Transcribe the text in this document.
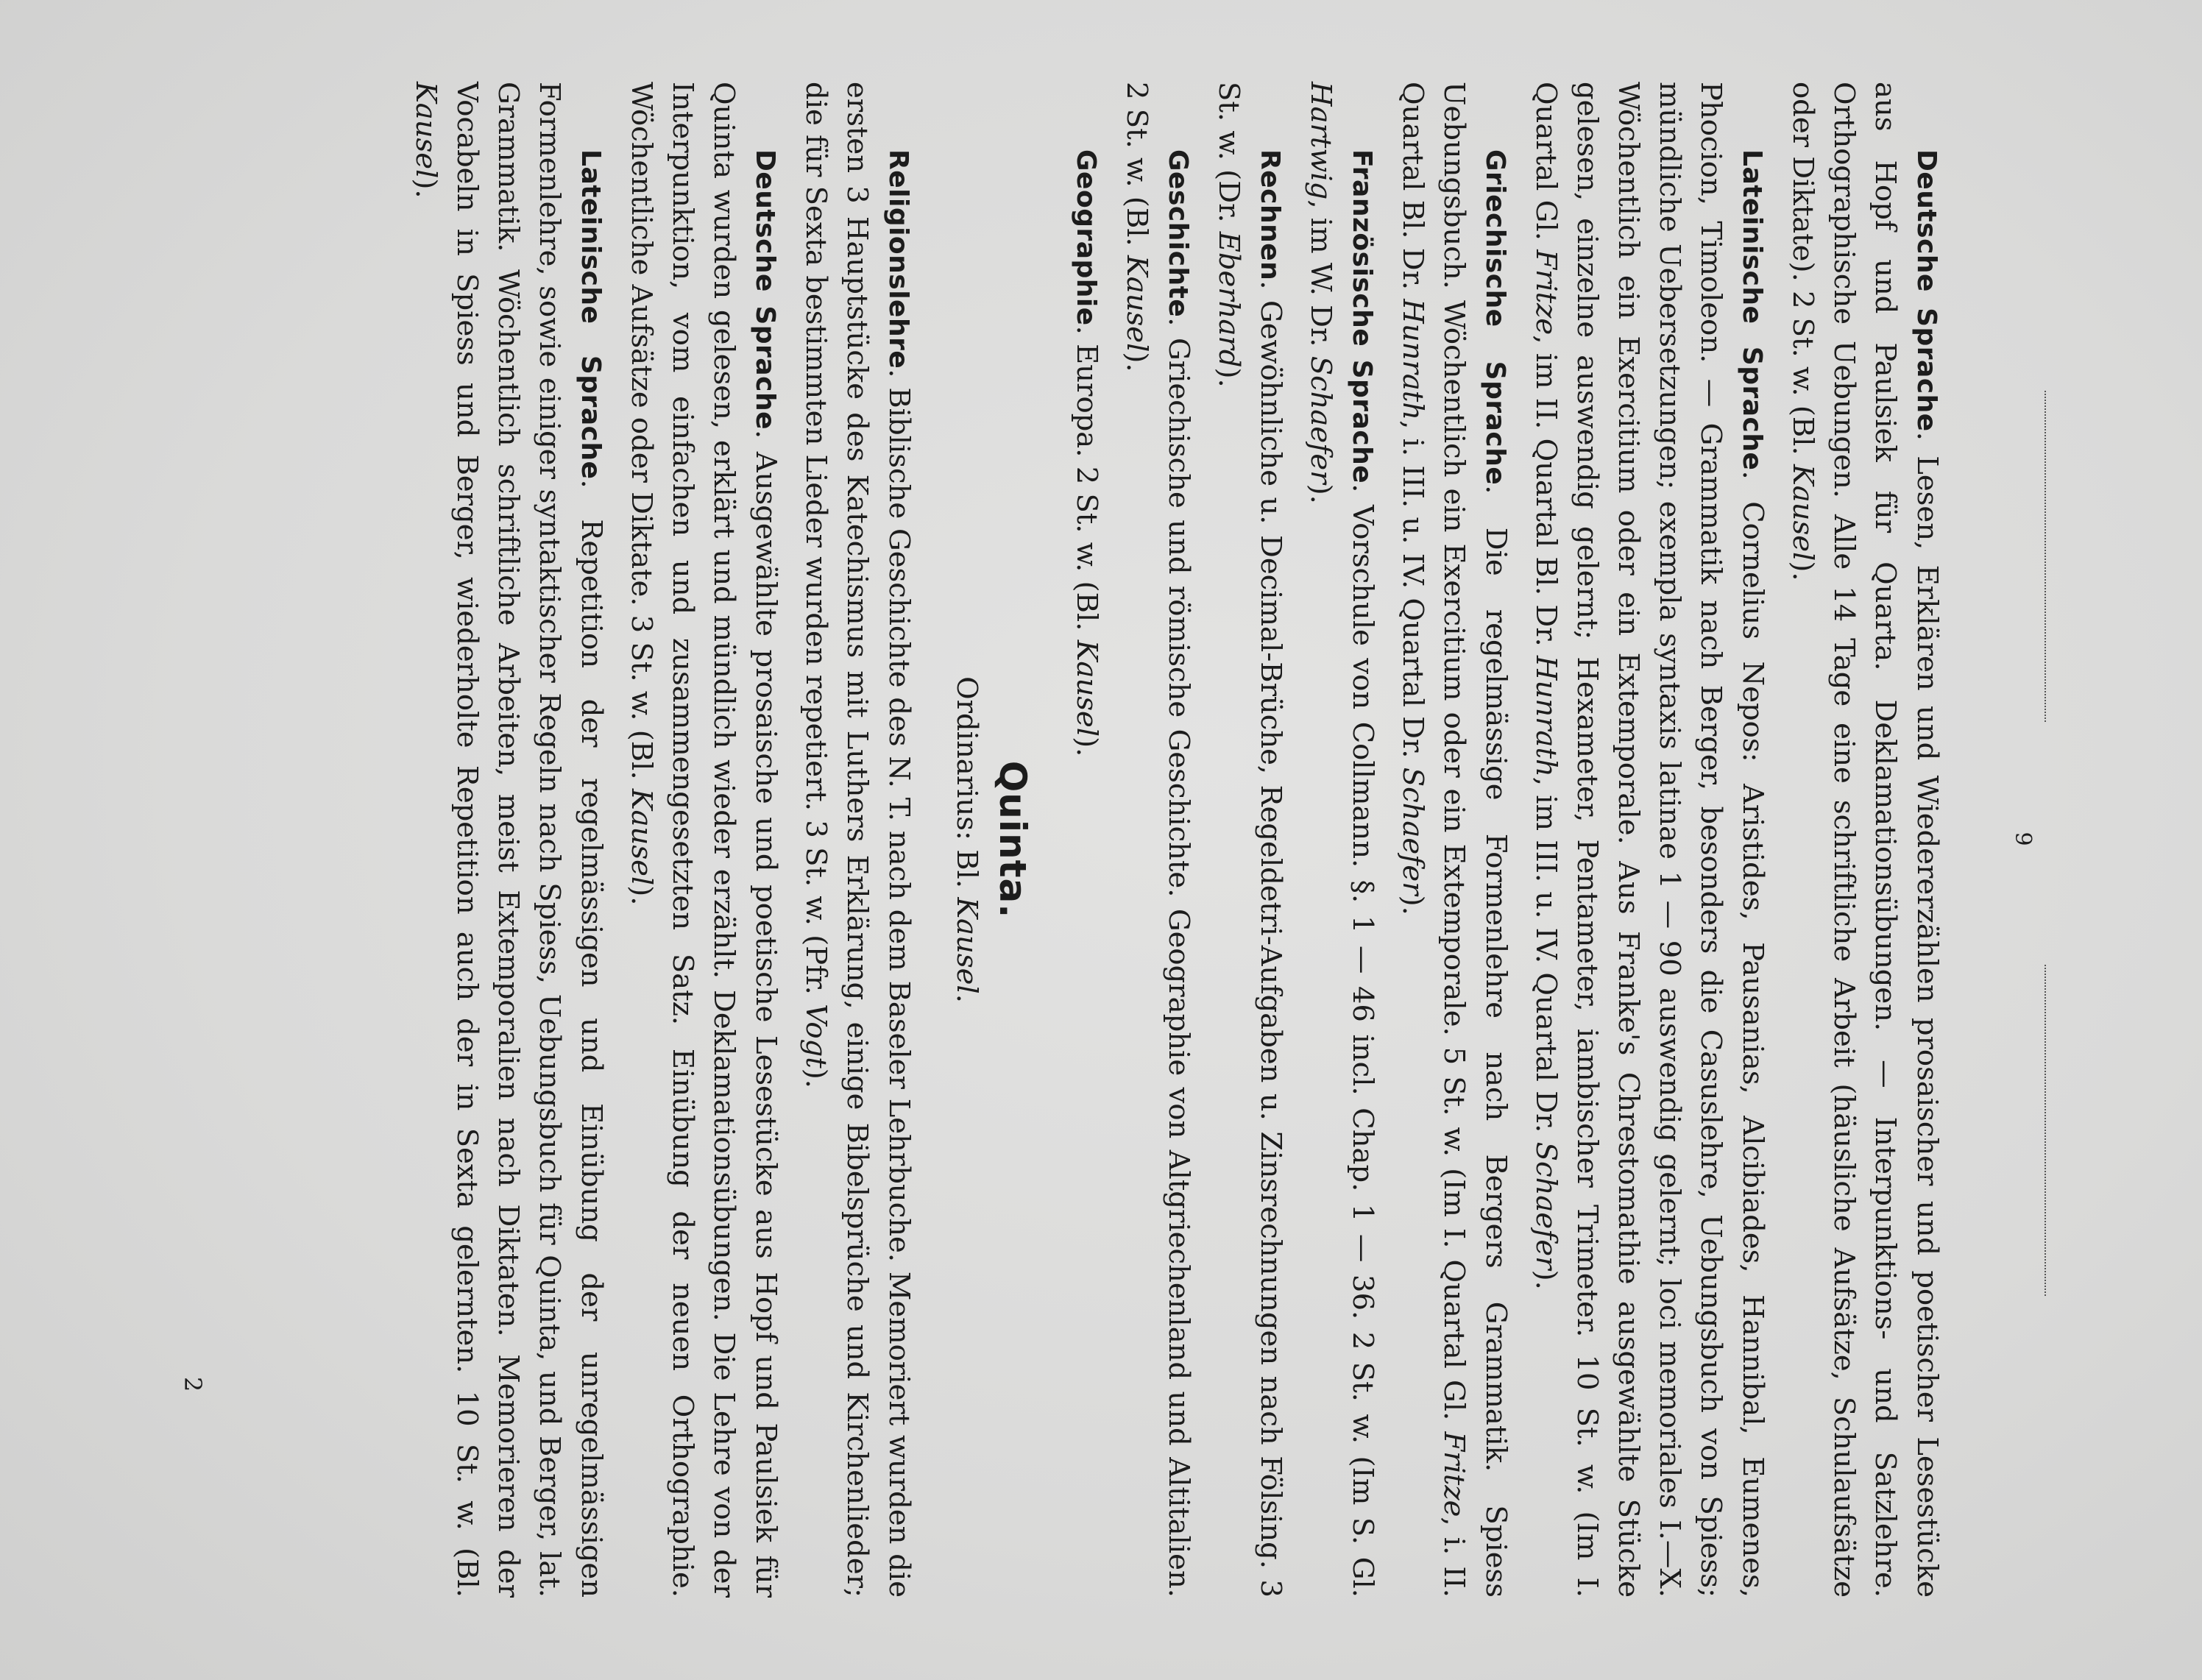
9

Deutsche Sprache. Lesen, Erklären und Wiedererzählen prosaischer und poetischer Lesestücke aus Hopf und Paulsiek für Quarta. Deklamationsübungen. — Interpunktions- und Satzlehre. Orthographische Uebungen. Alle 14 Tage eine schriftliche Arbeit (häusliche Aufsätze, Schulaufsätze oder Diktate). 2 St. w. (Bl. Kausel).

Lateinische Sprache. Cornelius Nepos: Aristides, Pausanias, Alcibiades, Hannibal, Eumenes, Phocion, Timoleon. — Grammatik nach Berger, besonders die Casuslehre, Uebungsbuch von Spiess; mündliche Uebersetzungen; exempla syntaxis latinae 1 — 90 auswendig gelernt; loci memoriales I.—X. Wöchentlich ein Exercitium oder ein Extemporale. Aus Franke's Chrestomathie ausgewählte Stücke gelesen, einzelne auswendig gelernt; Hexameter, Pentameter, iambischer Trimeter. 10 St. w. (Im I. Quartal Gl. Fritze, im II. Quartal Bl. Dr. Hunrath, im III. u. IV. Quartal Dr. Schaefer).

Griechische Sprache. Die regelmässige Formenlehre nach Bergers Grammatik. Spiess Uebungsbuch. Wöchentlich ein Exercitium oder ein Extemporale. 5 St. w. (Im I. Quartal Gl. Fritze, i. II. Quartal Bl. Dr. Hunrath, i. III. u. IV. Quartal Dr. Schaefer).

Französische Sprache. Vorschule von Collmann. §. 1 — 46 incl. Chap. 1 — 36. 2 St. w. (Im S. Gl. Hartwig, im W. Dr. Schaefer).

Rechnen. Gewöhnliche u. Decimal-Brüche, Regeldetri-Aufgaben u. Zinsrechnungen nach Fölsing. 3 St. w. (Dr. Eberhard).

Geschichte. Griechische und römische Geschichte. Geographie von Altgriechenland und Altitalien. 2 St. w. (Bl. Kausel).

Geographie. Europa. 2 St. w. (Bl. Kausel).

Quinta.
Ordinarius: Bl. Kausel.

Religionslehre. Biblische Geschichte des N. T. nach dem Baseler Lehrbuche. Memoriert wurden die ersten 3 Hauptstücke des Katechismus mit Luthers Erklärung, einige Bibelsprüche und Kirchenlieder; die für Sexta bestimmten Lieder wurden repetiert. 3 St. w. (Pfr. Vogt).

Deutsche Sprache. Ausgewählte prosaische und poetische Lesestücke aus Hopf und Paulsiek für Quinta wurden gelesen, erklärt und mündlich wieder erzählt. Deklamationsübungen. Die Lehre von der Interpunktion, vom einfachen und zusammengesetzten Satz. Einübung der neuen Orthographie. Wöchentliche Aufsätze oder Diktate. 3 St. w. (Bl. Kausel).

Lateinische Sprache. Repetition der regelmässigen und Einübung der unregelmässigen Formenlehre, sowie einiger syntaktischer Regeln nach Spiess, Uebungsbuch für Quinta, und Berger, lat. Grammatik. Wöchentlich schriftliche Arbeiten, meist Extemporalien nach Diktaten. Memorieren der Vocabeln in Spiess und Berger, wiederholte Repetition auch der in Sexta gelernten. 10 St. w. (Bl. Kausel).

2
